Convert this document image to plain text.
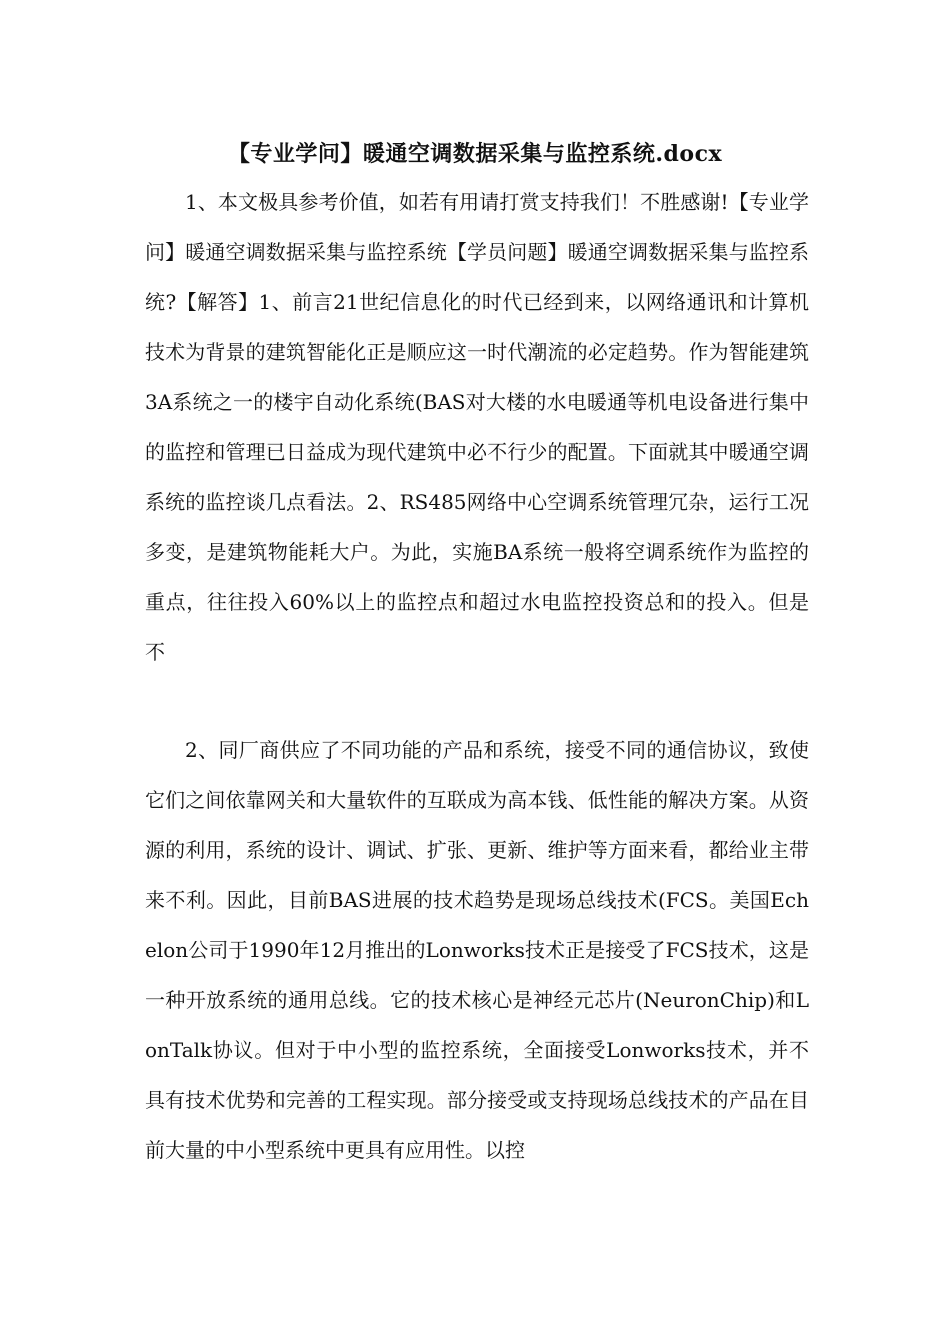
【专业学问】暖通空调数据采集与监控系统.docx

1、本文极具参考价值，如若有用请打赏支持我们！不胜感谢!【专业学问】暖通空调数据采集与监控系统【学员问题】暖通空调数据采集与监控系统?【解答】1、前言21世纪信息化的时代已经到来，以网络通讯和计算机技术为背景的建筑智能化正是顺应这一时代潮流的必定趋势。作为智能建筑3A系统之一的楼宇自动化系统(BAS对大楼的水电暖通等机电设备进行集中的监控和管理已日益成为现代建筑中必不行少的配置。下面就其中暖通空调系统的监控谈几点看法。2、RS485网络中心空调系统管理冗杂，运行工况多变，是建筑物能耗大户。为此，实施BA系统一般将空调系统作为监控的重点，往往投入60%以上的监控点和超过水电监控投资总和的投入。但是不

2、同厂商供应了不同功能的产品和系统，接受不同的通信协议，致使它们之间依靠网关和大量软件的互联成为高本钱、低性能的解决方案。从资源的利用，系统的设计、调试、扩张、更新、维护等方面来看，都给业主带来不利。因此，目前BAS进展的技术趋势是现场总线技术(FCS。美国Echelon公司于1990年12月推出的Lonworks技术正是接受了FCS技术，这是一种开放系统的通用总线。它的技术核心是神经元芯片(NeuronChip)和LonTalk协议。但对于中小型的监控系统，全面接受Lonworks技术，并不具有技术优势和完善的工程实现。部分接受或支持现场总线技术的产品在目前大量的中小型系统中更具有应用性。以控
